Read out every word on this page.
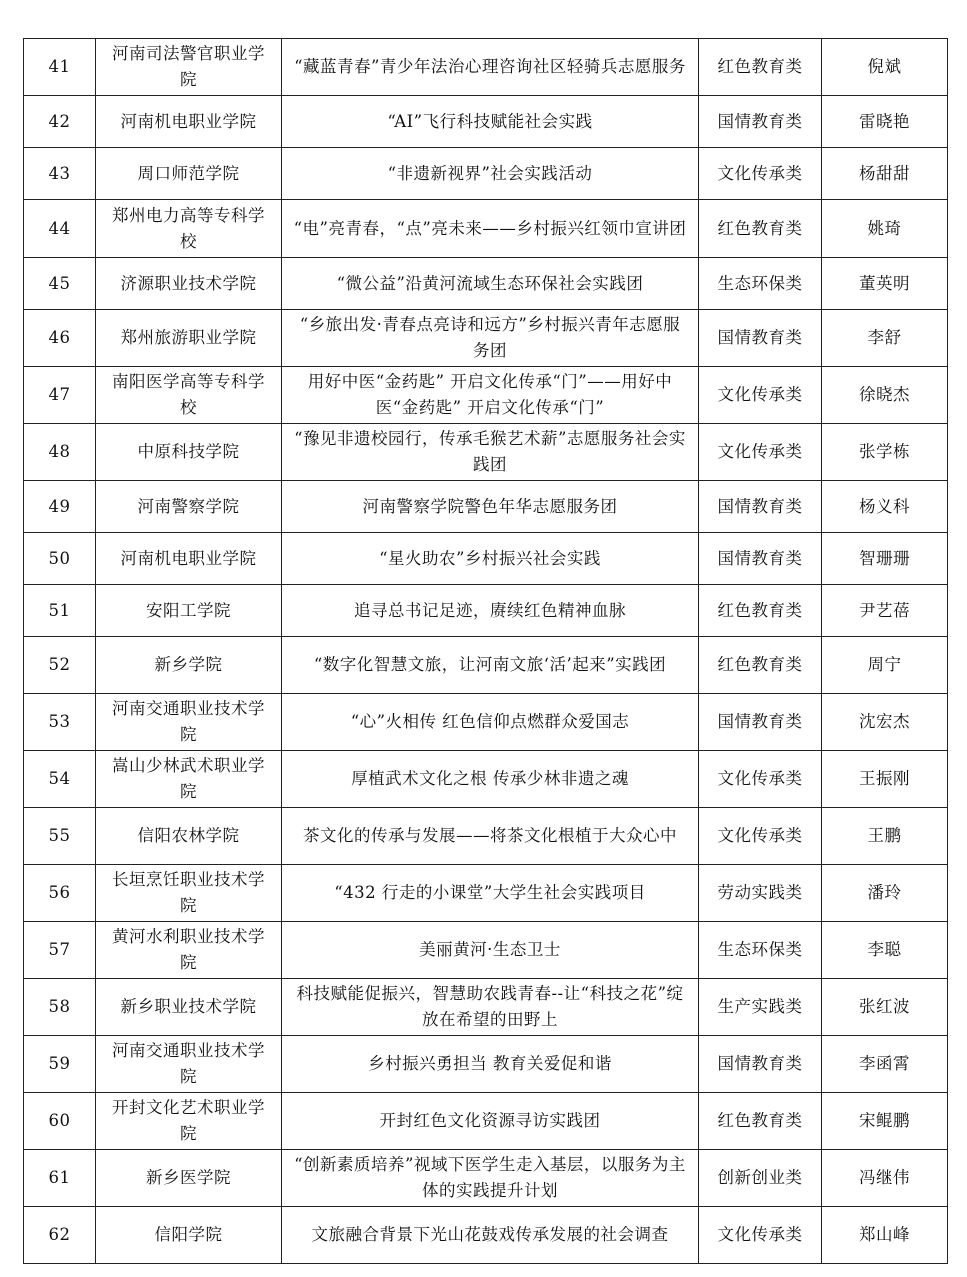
41	河南司法警官职业学院	“藏蓝青春”青少年法治心理咨询社区轻骑兵志愿服务	红色教育类	倪斌
42	河南机电职业学院	“AI”飞行科技赋能社会实践	国情教育类	雷晓艳
43	周口师范学院	“非遗新视界”社会实践活动	文化传承类	杨甜甜
44	郑州电力高等专科学校	“电”亮青春，“点”亮未来——乡村振兴红领巾宣讲团	红色教育类	姚琦
45	济源职业技术学院	“微公益”沿黄河流域生态环保社会实践团	生态环保类	董英明
46	郑州旅游职业学院	“乡旅出发·青春点亮诗和远方”乡村振兴青年志愿服务团	国情教育类	李舒
47	南阳医学高等专科学校	用好中医“金药匙” 开启文化传承“门”——用好中医“金药匙” 开启文化传承“门”	文化传承类	徐晓杰
48	中原科技学院	“豫见非遗校园行，传承毛猴艺术薪”志愿服务社会实践团	文化传承类	张学栋
49	河南警察学院	河南警察学院警色年华志愿服务团	国情教育类	杨义科
50	河南机电职业学院	“星火助农”乡村振兴社会实践	国情教育类	智珊珊
51	安阳工学院	追寻总书记足迹，赓续红色精神血脉	红色教育类	尹艺蓓
52	新乡学院	“数字化智慧文旅，让河南文旅‘活’起来”实践团	红色教育类	周宁
53	河南交通职业技术学院	“心”火相传 红色信仰点燃群众爱国志	国情教育类	沈宏杰
54	嵩山少林武术职业学院	厚植武术文化之根 传承少林非遗之魂	文化传承类	王振刚
55	信阳农林学院	茶文化的传承与发展——将茶文化根植于大众心中	文化传承类	王鹏
56	长垣烹饪职业技术学院	“432 行走的小课堂”大学生社会实践项目	劳动实践类	潘玲
57	黄河水利职业技术学院	美丽黄河·生态卫士	生态环保类	李聪
58	新乡职业技术学院	科技赋能促振兴，智慧助农践青春--让“科技之花”绽放在希望的田野上	生产实践类	张红波
59	河南交通职业技术学院	乡村振兴勇担当 教育关爱促和谐	国情教育类	李函霄
60	开封文化艺术职业学院	开封红色文化资源寻访实践团	红色教育类	宋鲲鹏
61	新乡医学院	“创新素质培养”视域下医学生走入基层，以服务为主体的实践提升计划	创新创业类	冯继伟
62	信阳学院	文旅融合背景下光山花鼓戏传承发展的社会调查	文化传承类	郑山峰
